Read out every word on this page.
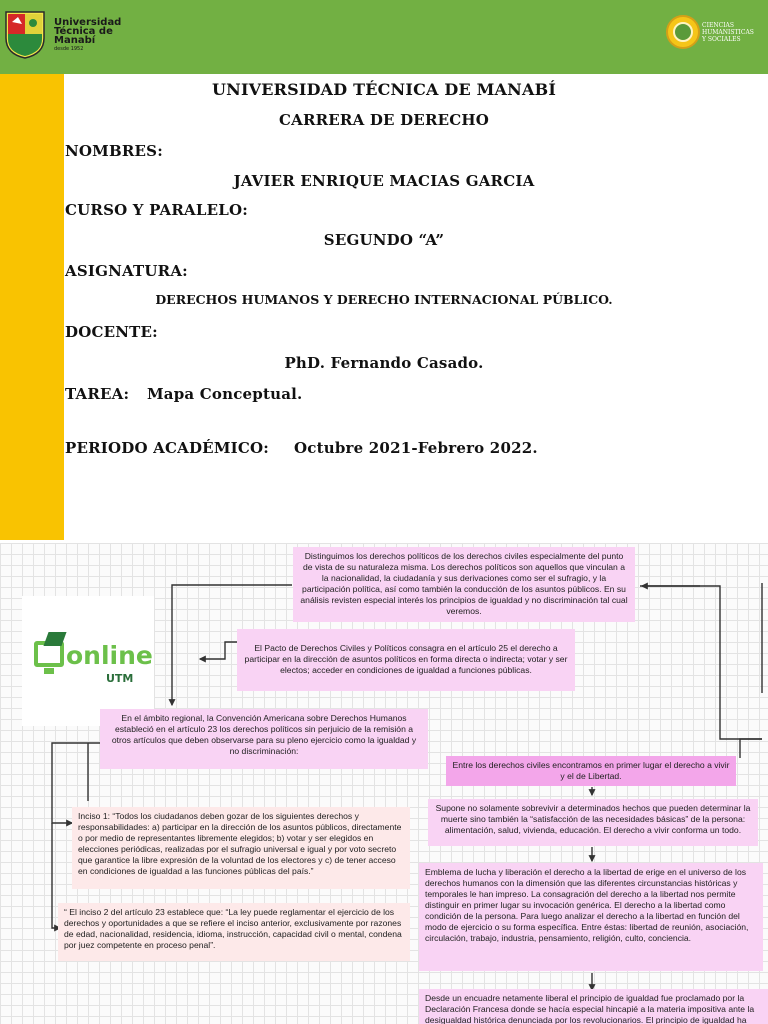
Universidad
Técnica de
Manabí
desde 1952
CIENCIAS
HUMANISTICAS
Y SOCIALES
UNIVERSIDAD TÉCNICA DE MANABÍ
CARRERA DE DERECHO
NOMBRES:
JAVIER ENRIQUE MACIAS GARCIA
CURSO Y PARALELO:
SEGUNDO “A”
ASIGNATURA:
DERECHOS HUMANOS Y DERECHO INTERNACIONAL PÚBLICO.
DOCENTE:
PhD. Fernando Casado.
TAREA: Mapa Conceptual.
PERIODO ACADÉMICO: Octubre 2021-Febrero 2022.
online
UTM
Distinguimos los derechos políticos de los derechos civiles especialmente del punto de vista de su naturaleza misma. Los derechos políticos son aquellos que vinculan a la nacionalidad, la ciudadanía y sus derivaciones como ser el sufragio, y la participación política, así como también la conducción de los asuntos públicos. En su análisis revisten especial interés los principios de igualdad y no discriminación tal cual veremos.
El Pacto de Derechos Civiles y Políticos consagra en el artículo 25 el derecho a participar en la dirección de asuntos políticos en forma directa o indirecta; votar y ser electos; acceder en condiciones de igualdad a funciones públicas.
En el ámbito regional, la Convención Americana sobre Derechos Humanos estableció en el artículo 23 los derechos políticos sin perjuicio de la remisión a otros artículos que deben observarse para su pleno ejercicio como la igualdad y no discriminación:
Inciso 1: “Todos los ciudadanos deben gozar de los siguientes derechos y responsabilidades: a) participar en la dirección de los asuntos públicos, directamente o por medio de representantes libremente elegidos; b) votar y ser elegidos en elecciones periódicas, realizadas por el sufragio universal e igual y por voto secreto que garantice la libre expresión de la voluntad de los electores y c) de tener acceso en condiciones de igualdad a las funciones públicas del país.”
“ El inciso 2 del artículo 23 establece que: “La ley puede reglamentar el ejercicio de los derechos y oportunidades a que se refiere el inciso anterior, exclusivamente por razones de edad, nacionalidad, residencia, idioma, instrucción, capacidad civil o mental, condena por juez competente en proceso penal”.
Entre los derechos civiles encontramos en primer lugar el derecho a vivir y el de Libertad.
Supone no solamente sobrevivir a determinados hechos que pueden determinar la muerte sino también la “satisfacción de las necesidades básicas” de la persona: alimentación, salud, vivienda, educación. El derecho a vivir conforma un todo.
Emblema de lucha y liberación el derecho a la libertad de erige en el universo de los derechos humanos con la dimensión que las diferentes circunstancias históricas y temporales le han impreso. La consagración del derecho a la libertad nos permite distinguir en primer lugar su invocación genérica. El derecho a la libertad como condición de la persona. Para luego analizar el derecho a la libertad en función del modo de ejercicio o su forma específica. Entre éstas: libertad de reunión, asociación, circulación, trabajo, industria, pensamiento, religión, culto, conciencia.
Desde un encuadre netamente liberal el principio de igualdad fue proclamado por la Declaración Francesa donde se hacía especial hincapié a la materia impositiva ante la desigualdad histórica denunciada por los revolucionarios. El principio de igualdad ha
